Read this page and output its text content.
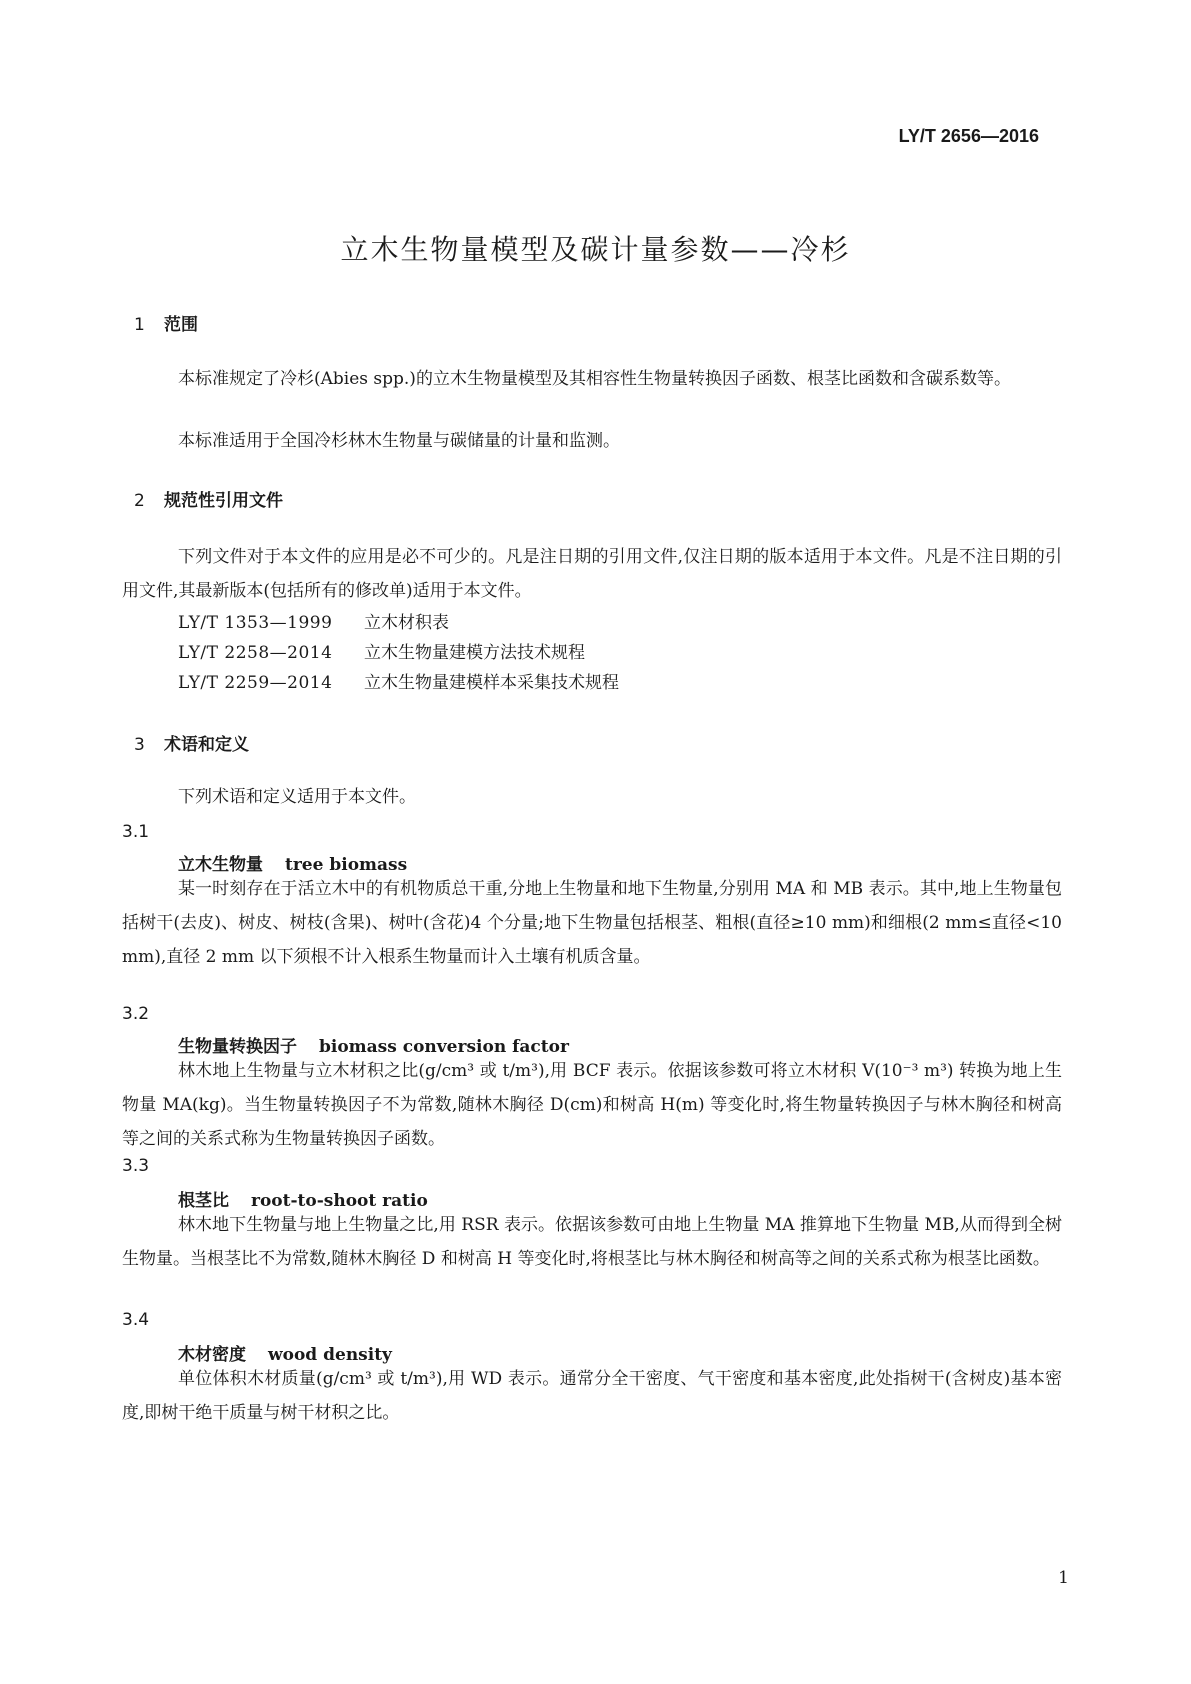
LY/T 2656—2016
立木生物量模型及碳计量参数——冷杉
1 范围
本标准规定了冷杉(Abies spp.)的立木生物量模型及其相容性生物量转换因子函数、根茎比函数和含碳系数等。
本标准适用于全国冷杉林木生物量与碳储量的计量和监测。
2 规范性引用文件
下列文件对于本文件的应用是必不可少的。凡是注日期的引用文件,仅注日期的版本适用于本文件。凡是不注日期的引用文件,其最新版本(包括所有的修改单)适用于本文件。
LY/T 1353—1999 立木材积表
LY/T 2258—2014 立木生物量建模方法技术规程
LY/T 2259—2014 立木生物量建模样本采集技术规程
3 术语和定义
下列术语和定义适用于本文件。
3.1
立木生物量 tree biomass
某一时刻存在于活立木中的有机物质总干重,分地上生物量和地下生物量,分别用 MA 和 MB 表示。其中,地上生物量包括树干(去皮)、树皮、树枝(含果)、树叶(含花)4 个分量;地下生物量包括根茎、粗根(直径≥10 mm)和细根(2 mm≤直径<10 mm),直径 2 mm 以下须根不计入根系生物量而计入土壤有机质含量。
3.2
生物量转换因子 biomass conversion factor
林木地上生物量与立木材积之比(g/cm³ 或 t/m³),用 BCF 表示。依据该参数可将立木材积 V(10⁻³ m³) 转换为地上生物量 MA(kg)。当生物量转换因子不为常数,随林木胸径 D(cm)和树高 H(m) 等变化时,将生物量转换因子与林木胸径和树高等之间的关系式称为生物量转换因子函数。
3.3
根茎比 root-to-shoot ratio
林木地下生物量与地上生物量之比,用 RSR 表示。依据该参数可由地上生物量 MA 推算地下生物量 MB,从而得到全树生物量。当根茎比不为常数,随林木胸径 D 和树高 H 等变化时,将根茎比与林木胸径和树高等之间的关系式称为根茎比函数。
3.4
木材密度 wood density
单位体积木材质量(g/cm³ 或 t/m³),用 WD 表示。通常分全干密度、气干密度和基本密度,此处指树干(含树皮)基本密度,即树干绝干质量与树干材积之比。
1
